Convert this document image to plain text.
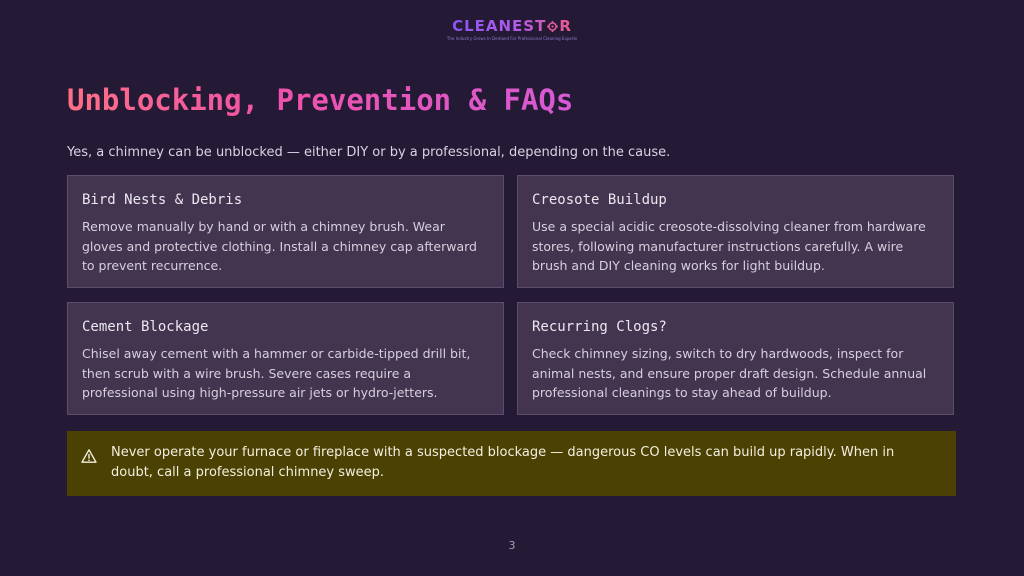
CLEANEST R
The Industry Grows In Demand For Professional Cleaning Experts
Unblocking, Prevention & FAQs
Yes, a chimney can be unblocked — either DIY or by a professional, depending on the cause.
Bird Nests & Debris

Remove manually by hand or with a chimney brush. Wear gloves and protective clothing. Install a chimney cap afterward to prevent recurrence.

Creosote Buildup

Use a special acidic creosote-dissolving cleaner from hardware stores, following manufacturer instructions carefully. A wire brush and DIY cleaning works for light buildup.

Cement Blockage

Chisel away cement with a hammer or carbide-tipped drill bit, then scrub with a wire brush. Severe cases require a professional using high-pressure air jets or hydro-jetters.

Recurring Clogs?

Check chimney sizing, switch to dry hardwoods, inspect for animal nests, and ensure proper draft design. Schedule annual professional cleanings to stay ahead of buildup.

Never operate your furnace or fireplace with a suspected blockage — dangerous CO levels can build up rapidly. When in doubt, call a professional chimney sweep.

3
